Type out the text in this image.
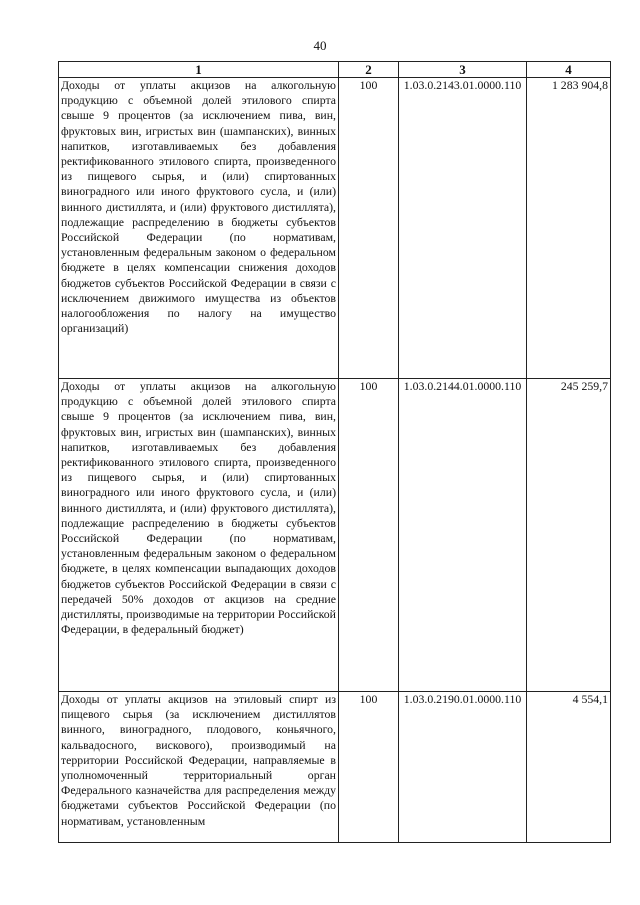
40
1	2	3	4
Доходы от уплаты акцизов на алкогольную продукцию с объемной долей этилового спирта свыше 9 процентов (за исключением пива, вин, фруктовых вин, игристых вин (шампанских), винных напитков, изготавливаемых без добавления ректификованного этилового спирта, произведенного из пищевого сырья, и (или) спиртованных виноградного или иного фруктового сусла, и (или) винного дистиллята, и (или) фруктового дистиллята), подлежащие распределению в бюджеты субъектов Российской Федерации (по нормативам, установленным федеральным законом о федеральном бюджете в целях компенсации снижения доходов бюджетов субъектов Российской Федерации в связи с исключением движимого имущества из объектов налогообложения по налогу на имущество организаций)	100	1.03.0.2143.01.0000.110	1 283 904,8
Доходы от уплаты акцизов на алкогольную продукцию с объемной долей этилового спирта свыше 9 процентов (за исключением пива, вин, фруктовых вин, игристых вин (шампанских), винных напитков, изготавливаемых без добавления ректификованного этилового спирта, произведенного из пищевого сырья, и (или) спиртованных виноградного или иного фруктового сусла, и (или) винного дистиллята, и (или) фруктового дистиллята), подлежащие распределению в бюджеты субъектов Российской Федерации (по нормативам, установленным федеральным законом о федеральном бюджете, в целях компенсации выпадающих доходов бюджетов субъектов Российской Федерации в связи с передачей 50% доходов от акцизов на средние дистилляты, производимые на территории Российской Федерации, в федеральный бюджет)	100	1.03.0.2144.01.0000.110	245 259,7
Доходы от уплаты акцизов на этиловый спирт из пищевого сырья (за исключением дистиллятов винного, виноградного, плодового, коньячного, кальвадосного, вискового), производимый на территории Российской Федерации, направляемые в уполномоченный территориальный орган Федерального казначейства для распределения между бюджетами субъектов Российской Федерации (по нормативам, установленным	100	1.03.0.2190.01.0000.110	4 554,1
